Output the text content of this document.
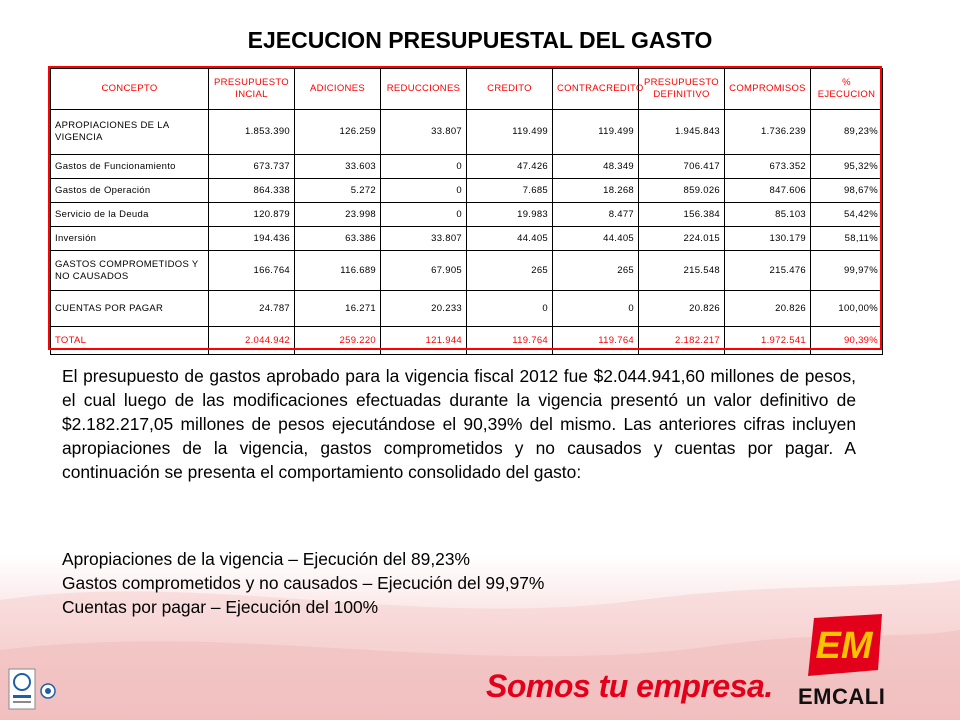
EJECUCION PRESUPUESTAL DEL GASTO
CONCEPTO	PRESUPUESTO INCIAL	ADICIONES	REDUCCIONES	CREDITO	CONTRACREDITO	PRESUPUESTO DEFINITIVO	COMPROMISOS	% EJECUCION
APROPIACIONES DE LA VIGENCIA	1.853.390	126.259	33.807	119.499	119.499	1.945.843	1.736.239	89,23%
Gastos de Funcionamiento	673.737	33.603	0	47.426	48.349	706.417	673.352	95,32%
Gastos de Operación	864.338	5.272	0	7.685	18.268	859.026	847.606	98,67%
Servicio de la Deuda	120.879	23.998	0	19.983	8.477	156.384	85.103	54,42%
Inversión	194.436	63.386	33.807	44.405	44.405	224.015	130.179	58,11%
GASTOS COMPROMETIDOS Y NO CAUSADOS	166.764	116.689	67.905	265	265	215.548	215.476	99,97%
CUENTAS POR PAGAR	24.787	16.271	20.233	0	0	20.826	20.826	100,00%
TOTAL	2.044.942	259.220	121.944	119.764	119.764	2.182.217	1.972.541	90,39%
El presupuesto de gastos aprobado para la vigencia fiscal 2012 fue $2.044.941,60 millones de pesos, el cual luego de las modificaciones efectuadas durante la vigencia presentó un valor definitivo de $2.182.217,05 millones de pesos ejecutándose el 90,39% del mismo. Las anteriores cifras incluyen apropiaciones de la vigencia, gastos comprometidos y no causados y cuentas por pagar. A continuación se presenta el comportamiento consolidado del gasto:
Apropiaciones de la vigencia – Ejecución del 89,23%
Gastos comprometidos y no causados – Ejecución del 99,97%
Cuentas por pagar – Ejecución del 100%
EM
Somos tu empresa. EMCALI
